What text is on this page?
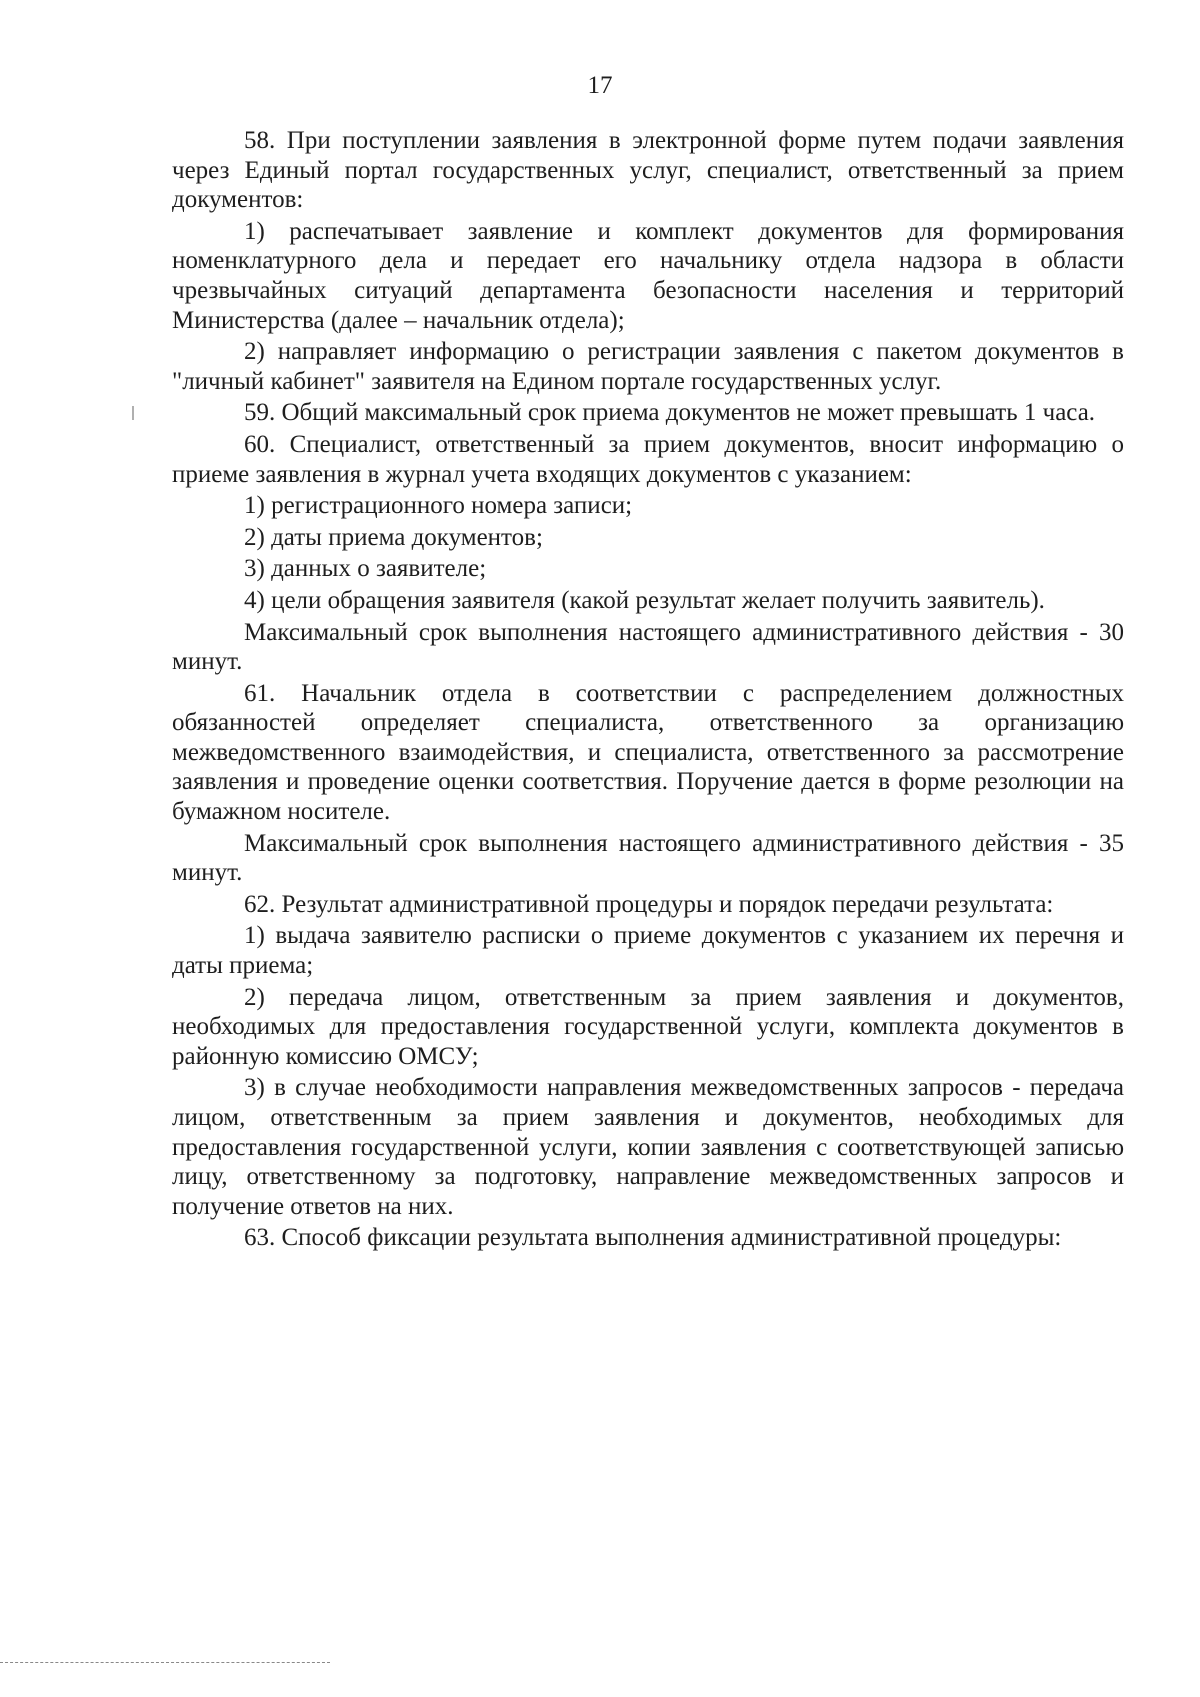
17

58. При поступлении заявления в электронной форме путем подачи заявления через Единый портал государственных услуг, специалист, ответственный за прием документов:

1) распечатывает заявление и комплект документов для формирования номенклатурного дела и передает его начальнику отдела надзора в области чрезвычайных ситуаций департамента безопасности населения и территорий Министерства (далее – начальник отдела);

2) направляет информацию о регистрации заявления с пакетом документов в "личный кабинет" заявителя на Едином портале государственных услуг.

59. Общий максимальный срок приема документов не может превышать 1 часа.

60. Специалист, ответственный за прием документов, вносит информацию о приеме заявления в журнал учета входящих документов с указанием:

1) регистрационного номера записи;

2) даты приема документов;

3) данных о заявителе;

4) цели обращения заявителя (какой результат желает получить заявитель).

Максимальный срок выполнения настоящего административного действия - 30 минут.

61. Начальник отдела в соответствии с распределением должностных обязанностей определяет специалиста, ответственного за организацию межведомственного взаимодействия, и специалиста, ответственного за рассмотрение заявления и проведение оценки соответствия. Поручение дается в форме резолюции на бумажном носителе.

Максимальный срок выполнения настоящего административного действия - 35 минут.

62. Результат административной процедуры и порядок передачи результата:

1) выдача заявителю расписки о приеме документов с указанием их перечня и даты приема;

2) передача лицом, ответственным за прием заявления и документов, необходимых для предоставления государственной услуги, комплекта документов в районную комиссию ОМСУ;

3) в случае необходимости направления межведомственных запросов - передача лицом, ответственным за прием заявления и документов, необходимых для предоставления государственной услуги, копии заявления с соответствующей записью лицу, ответственному за подготовку, направление межведомственных запросов и получение ответов на них.

63. Способ фиксации результата выполнения административной процедуры:
